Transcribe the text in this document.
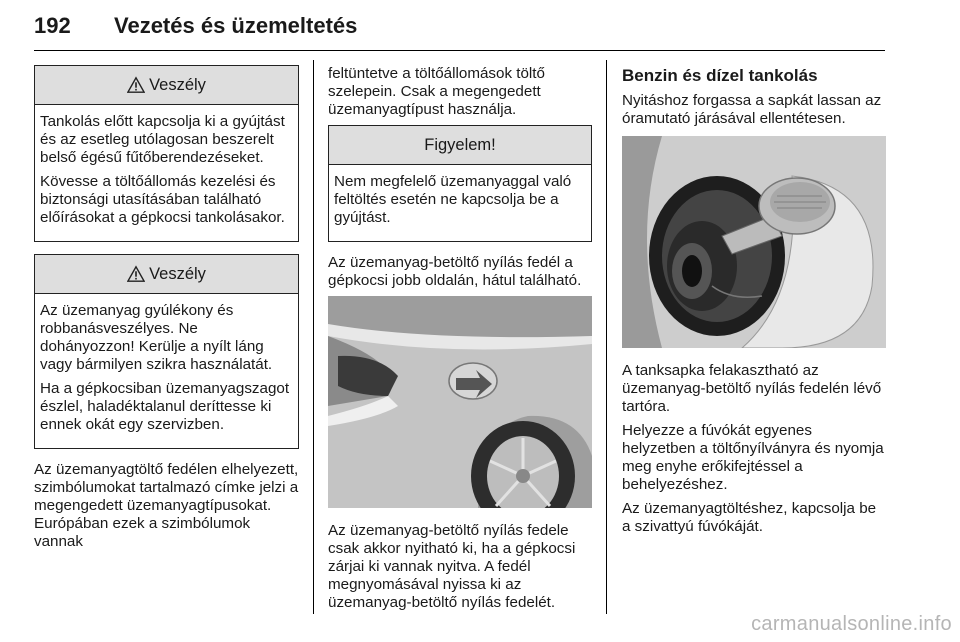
192 Vezetés és üzemeltetés
Veszély

Tankolás előtt kapcsolja ki a gyújtást és az esetleg utólagosan beszerelt belső égésű fűtőberendezéseket.

Kövesse a töltőállomás kezelési és biztonsági utasításában található előírásokat a gépkocsi tankolásakor.

Veszély

Az üzemanyag gyúlékony és robbanásveszélyes. Ne dohányozzon! Kerülje a nyílt láng vagy bármilyen szikra használatát.

Ha a gépkocsiban üzemanyagszagot észlel, haladéktalanul deríttesse ki ennek okát egy szervizben.

Az üzemanyagtöltő fedélen elhelyezett, szimbólumokat tartalmazó címke jelzi a megengedett üzemanyagtípusokat. Európában ezek a szimbólumok vannak

feltüntetve a töltőállomások töltő szelepein. Csak a megengedett üzemanyagtípust használja.

Figyelem!

Nem megfelelő üzemanyaggal való feltöltés esetén ne kapcsolja be a gyújtást.

Az üzemanyag-betöltő nyílás fedél a gépkocsi jobb oldalán, hátul található.

Az üzemanyag-betöltő nyílás fedele csak akkor nyitható ki, ha a gépkocsi zárjai ki vannak nyitva. A fedél megnyomásával nyissa ki az üzemanyag-betöltő nyílás fedelét.

Benzin és dízel tankolás

Nyitáshoz forgassa a sapkát lassan az óramutató járásával ellentétesen.

A tanksapka felakasztható az üzemanyag-betöltő nyílás fedelén lévő tartóra.

Helyezze a fúvókát egyenes helyzetben a töltőnyílványra és nyomja meg enyhe erőkifejtéssel a behelyezéshez.

Az üzemanyagtöltéshez, kapcsolja be a szivattyú fúvókáját.

carmanualsonline.info
